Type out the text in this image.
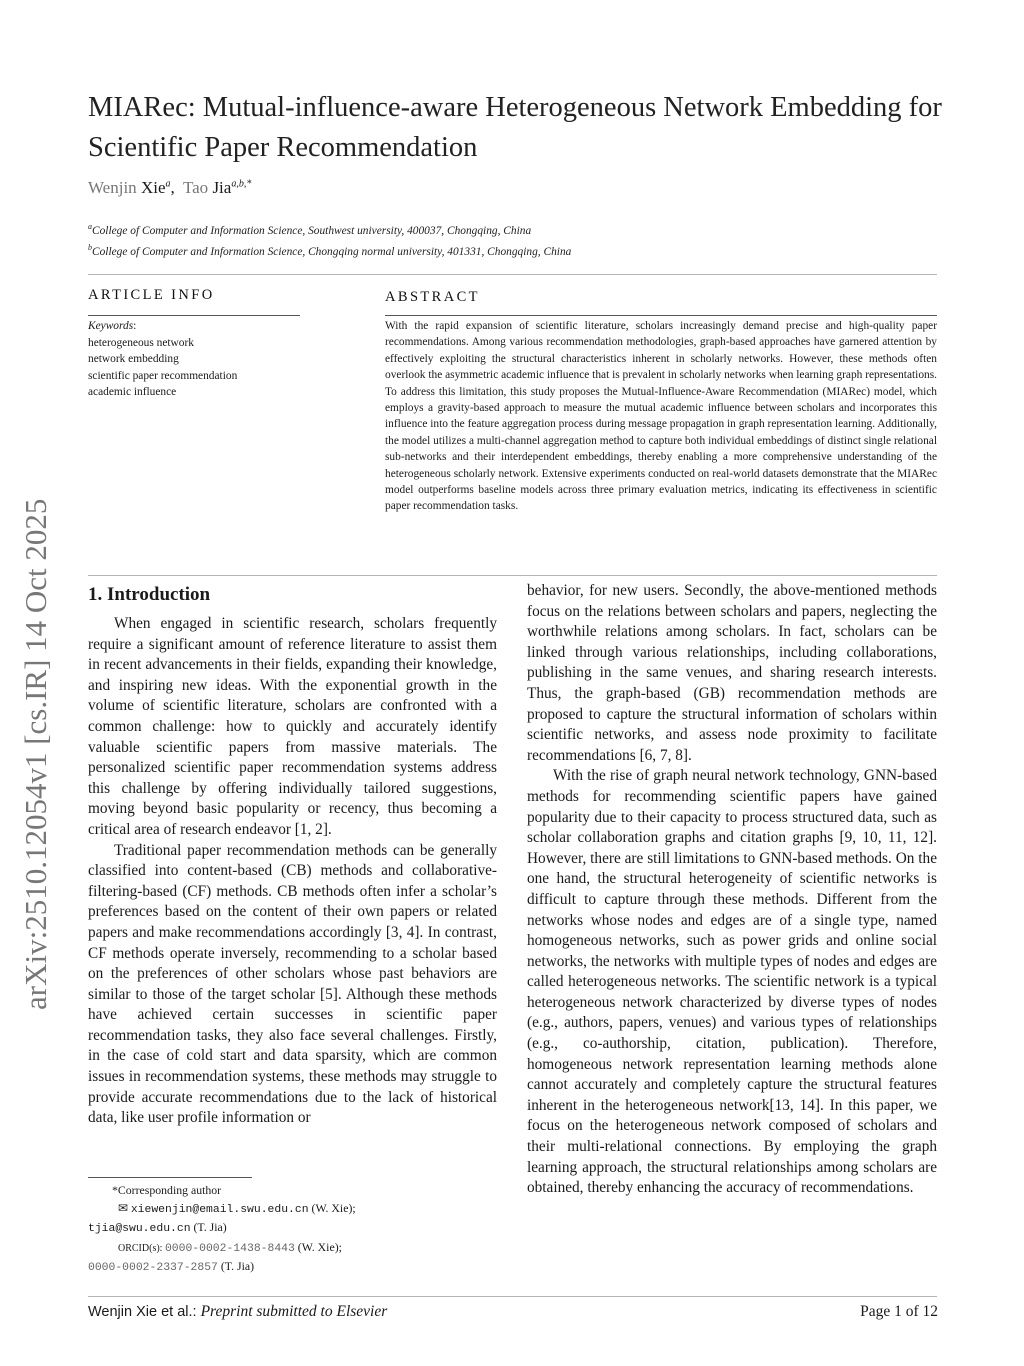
arXiv:2510.12054v1 [cs.IR] 14 Oct 2025
MIARec: Mutual-influence-aware Heterogeneous Network Embedding for Scientific Paper Recommendation
Wenjin Xie$^a$,  Tao Jia$^{a,b,*}$
$^a$College of Computer and Information Science, Southwest university, 400037, Chongqing, China
$^b$College of Computer and Information Science, Chongqing normal university, 401331, Chongqing, China
ARTICLE INFO	ABSTRACT
Keywords:
heterogeneous network
network embedding
scientific paper recommendation
academic influence
With the rapid expansion of scientific literature, scholars increasingly demand precise and high-quality paper recommendations. Among various recommendation methodologies, graph-based approaches have garnered attention by effectively exploiting the structural characteristics inherent in scholarly networks. However, these methods often overlook the asymmetric academic influence that is prevalent in scholarly networks when learning graph representations. To address this limitation, this study proposes the Mutual-Influence-Aware Recommendation (MIARec) model, which employs a gravity-based approach to measure the mutual academic influence between scholars and incorporates this influence into the feature aggregation process during message propagation in graph representation learning. Additionally, the model utilizes a multi-channel aggregation method to capture both individual embeddings of distinct single relational sub-networks and their interdependent embeddings, thereby enabling a more comprehensive understanding of the heterogeneous scholarly network. Extensive experiments conducted on real-world datasets demonstrate that the MIARec model outperforms baseline models across three primary evaluation metrics, indicating its effectiveness in scientific paper recommendation tasks.
1. Introduction

When engaged in scientific research, scholars frequently require a significant amount of reference literature to assist them in recent advancements in their fields, expanding their knowledge, and inspiring new ideas. With the exponential growth in the volume of scientific literature, scholars are confronted with a common challenge: how to quickly and accurately identify valuable scientific papers from massive materials. The personalized scientific paper recommendation systems address this challenge by offering individually tailored suggestions, moving beyond basic popularity or recency, thus becoming a critical area of research endeavor [1, 2].

Traditional paper recommendation methods can be generally classified into content-based (CB) methods and collaborative-filtering-based (CF) methods. CB methods often infer a scholar’s preferences based on the content of their own papers or related papers and make recommendations accordingly [3, 4]. In contrast, CF methods operate inversely, recommending to a scholar based on the preferences of other scholars whose past behaviors are similar to those of the target scholar [5]. Although these methods have achieved certain successes in scientific paper recommendation tasks, they also face several challenges. Firstly, in the case of cold start and data sparsity, which are common issues in recommendation systems, these methods may struggle to provide accurate recommendations due to the lack of historical data, like user profile information or

behavior, for new users. Secondly, the above-mentioned methods focus on the relations between scholars and papers, neglecting the worthwhile relations among scholars. In fact, scholars can be linked through various relationships, including collaborations, publishing in the same venues, and sharing research interests. Thus, the graph-based (GB) recommendation methods are proposed to capture the structural information of scholars within scientific networks, and assess node proximity to facilitate recommendations [6, 7, 8].

With the rise of graph neural network technology, GNN-based methods for recommending scientific papers have gained popularity due to their capacity to process structured data, such as scholar collaboration graphs and citation graphs [9, 10, 11, 12]. However, there are still limitations to GNN-based methods. On the one hand, the structural heterogeneity of scientific networks is difficult to capture through these methods. Different from the networks whose nodes and edges are of a single type, named homogeneous networks, such as power grids and online social networks, the networks with multiple types of nodes and edges are called heterogeneous networks. The scientific network is a typical heterogeneous network characterized by diverse types of nodes (e.g., authors, papers, venues) and various types of relationships (e.g., co-authorship, citation, publication). Therefore, homogeneous network representation learning methods alone cannot accurately and completely capture the structural features inherent in the heterogeneous network[13, 14]. In this paper, we focus on the heterogeneous network composed of scholars and their multi-relational connections. By employing the graph learning approach, the structural relationships among scholars are obtained, thereby enhancing the accuracy of recommendations.

*Corresponding author
✉ xiewenjin@email.swu.edu.cn (W. Xie);
tjia@swu.edu.cn (T. Jia)
ORCID(s): 0000-0002-1438-8443 (W. Xie);
0000-0002-2337-2857 (T. Jia)
Wenjin Xie et al.: Preprint submitted to Elsevier	Page 1 of 12
